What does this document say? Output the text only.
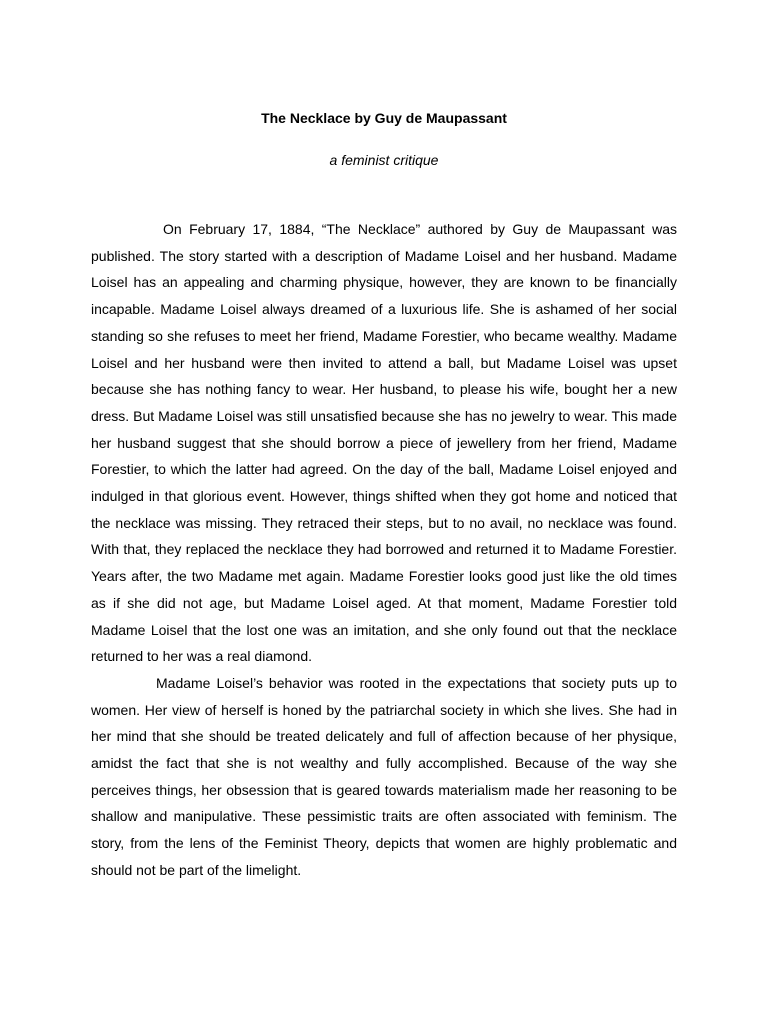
The Necklace by Guy de Maupassant
a feminist critique

On February 17, 1884, “The Necklace” authored by Guy de Maupassant was published. The story started with a description of Madame Loisel and her husband. Madame Loisel has an appealing and charming physique, however, they are known to be financially incapable. Madame Loisel always dreamed of a luxurious life. She is ashamed of her social standing so she refuses to meet her friend, Madame Forestier, who became wealthy. Madame Loisel and her husband were then invited to attend a ball, but Madame Loisel was upset because she has nothing fancy to wear. Her husband, to please his wife, bought her a new dress. But Madame Loisel was still unsatisfied because she has no jewelry to wear. This made her husband suggest that she should borrow a piece of jewellery from her friend, Madame Forestier, to which the latter had agreed. On the day of the ball, Madame Loisel enjoyed and indulged in that glorious event. However, things shifted when they got home and noticed that the necklace was missing. They retraced their steps, but to no avail, no necklace was found. With that, they replaced the necklace they had borrowed and returned it to Madame Forestier. Years after, the two Madame met again. Madame Forestier looks good just like the old times as if she did not age, but Madame Loisel aged. At that moment, Madame Forestier told Madame Loisel that the lost one was an imitation, and she only found out that the necklace returned to her was a real diamond.

Madame Loisel’s behavior was rooted in the expectations that society puts up to women. Her view of herself is honed by the patriarchal society in which she lives. She had in her mind that she should be treated delicately and full of affection because of her physique, amidst the fact that she is not wealthy and fully accomplished. Because of the way she perceives things, her obsession that is geared towards materialism made her reasoning to be shallow and manipulative. These pessimistic traits are often associated with feminism. The story, from the lens of the Feminist Theory, depicts that women are highly problematic and should not be part of the limelight.
